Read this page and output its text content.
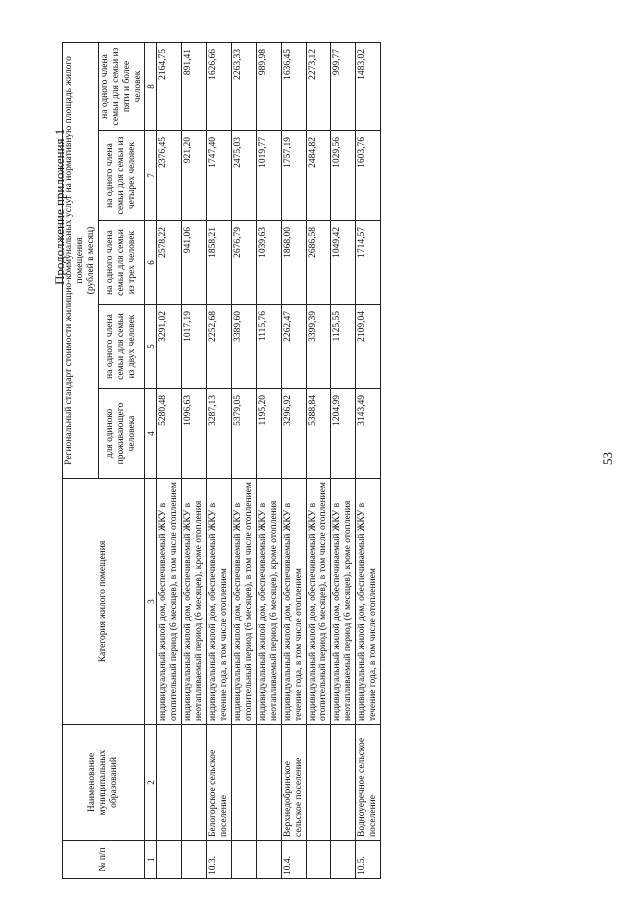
53
Продолжение приложения 1
№ п/п	Наименование муниципальных образований	Категория жилого помещения	Региональный стандарт стоимости жилищно-коммунальных услуг на нормативную площадь жилого помещения
(рублей в месяц)				
			для одиноко проживающего человека	на одного члена семьи для семьи из двух человек	на одного члена семьи для семьи из трех человек	на одного члена семьи для семьи из четырех человек	на одного члена семьи для семьи из пяти и более человек
1	2	3	4	5	6	7	8
		индивидуальный жилой дом, обеспечиваемый ЖКУ в отопительный период (6 месяцев), в том числе отоплением	5280,48	3291,02	2578,22	2376,45	2164,75
		индивидуальный жилой дом, обеспечиваемый ЖКУ в неотапливаемый период (6 месяцев), кроме отопления	1096,63	1017,19	941,06	921,20	891,41
10.3.	Белогорское сельское поселение	индивидуальный жилой дом, обеспечиваемый ЖКУ в течение года, в том числе отоплением	3287,13	2252,68	1858,21	1747,40	1626,66
		индивидуальный жилой дом, обеспечиваемый ЖКУ в отопительный период (6 месяцев), в том числе отоплением	5379,05	3389,60	2676,79	2475,03	2263,33
		индивидуальный жилой дом, обеспечиваемый ЖКУ в неотапливаемый период (6 месяцев), кроме отопления	1195,20	1115,76	1039,63	1019,77	989,98
10.4.	Верхнедобринское сельское поселение	индивидуальный жилой дом, обеспечиваемый ЖКУ в течение года, в том числе отоплением	3296,92	2262,47	1868,00	1757,19	1636,45
		индивидуальный жилой дом, обеспечиваемый ЖКУ в отопительный период (6 месяцев), в том числе отоплением	5388,84	3399,39	2686,58	2484,82	2273,12
		индивидуальный жилой дом, обеспечиваемый ЖКУ в неотапливаемый период (6 месяцев), кроме отопления	1204,99	1125,55	1049,42	1029,56	999,77
10.5.	Водноуеречное сельское поселение	индивидуальный жилой дом, обеспечиваемый ЖКУ в течение года, в том числе отоплением	3143,49	2109,04	1714,57	1603,76	1483,02
